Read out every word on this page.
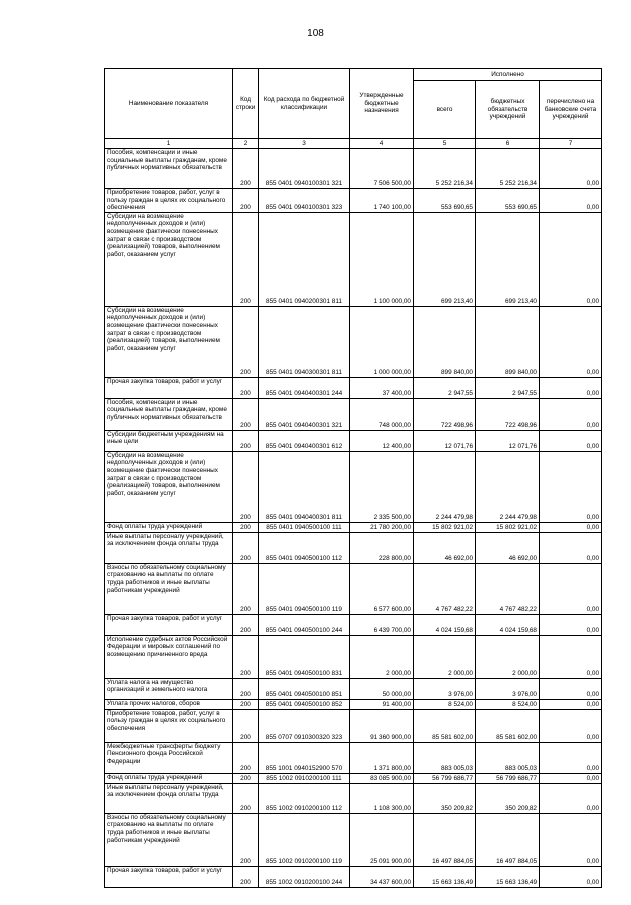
108
Наименование показателя	Код строки	Код расхода по бюджетной классификации	Утвержденные бюджетные назначения	Исполнено		
				всего	бюджетных обязательств учреждений	перечислено на банковские счета учреждений
1	2	3	4	5	6	7
Пособия, компенсации и иные социальные выплаты гражданам, кроме публичных нормативных обязательств	200	855 0401 0940100301 321	7 506 500,00	5 252 216,34	5 252 216,34	0,00
Приобретение товаров, работ, услуг в пользу граждан в целях их социального обеспечения	200	855 0401 0940100301 323	1 740 100,00	553 690,65	553 690,65	0,00
Субсидии на возмещение недополученных доходов и (или) возмещение фактически понесенных затрат в связи с производством (реализацией) товаров, выполнением работ, оказанием услуг	200	855 0401 0940200301 811	1 100 000,00	699 213,40	699 213,40	0,00
Субсидии на возмещение недополученных доходов и (или) возмещение фактически понесенных затрат в связи с производством (реализацией) товаров, выполнением работ, оказанием услуг	200	855 0401 0940300301 811	1 000 000,00	899 840,00	899 840,00	0,00
Прочая закупка товаров, работ и услуг	200	855 0401 0940400301 244	37 400,00	2 947,55	2 947,55	0,00
Пособия, компенсации и иные социальные выплаты гражданам, кроме публичных нормативных обязательств	200	855 0401 0940400301 321	748 000,00	722 498,96	722 498,96	0,00
Субсидии бюджетным учреждениям на иные цели	200	855 0401 0940400301 612	12 400,00	12 071,76	12 071,76	0,00
Субсидии на возмещение недополученных доходов и (или) возмещение фактически понесенных затрат в связи с производством (реализацией) товаров, выполнением работ, оказанием услуг	200	855 0401 0940400301 811	2 335 500,00	2 244 479,98	2 244 479,98	0,00
Фонд оплаты труда учреждений	200	855 0401 0940500100 111	21 780 200,00	15 802 921,02	15 802 921,02	0,00
Иные выплаты персоналу учреждений, за исключением фонда оплаты труда	200	855 0401 0940500100 112	228 800,00	46 692,00	46 692,00	0,00
Взносы по обязательному социальному страхованию на выплаты по оплате труда работников и иные выплаты работникам учреждений	200	855 0401 0940500100 119	6 577 600,00	4 767 482,22	4 767 482,22	0,00
Прочая закупка товаров, работ и услуг	200	855 0401 0940500100 244	6 439 700,00	4 024 159,68	4 024 159,68	0,00
Исполнение судебных актов Российской Федерации и мировых соглашений по возмещению причиненного вреда	200	855 0401 0940500100 831	2 000,00	2 000,00	2 000,00	0,00
Уплата налога на имущество организаций и земельного налога	200	855 0401 0940500100 851	50 000,00	3 976,00	3 976,00	0,00
Уплата прочих налогов, сборов	200	855 0401 0940500100 852	91 400,00	8 524,00	8 524,00	0,00
Приобретение товаров, работ, услуг в пользу граждан в целях их социального обеспечения	200	855 0707 0910300320 323	91 360 900,00	85 581 602,00	85 581 602,00	0,00
Межбюджетные трансферты бюджету Пенсионного фонда Российской Федерации	200	855 1001 0940152900 570	1 371 800,00	883 005,03	883 005,03	0,00
Фонд оплаты труда учреждений	200	855 1002 0910200100 111	83 085 900,00	56 799 686,77	56 799 686,77	0,00
Иные выплаты персоналу учреждений, за исключением фонда оплаты труда	200	855 1002 0910200100 112	1 108 300,00	350 209,82	350 209,82	0,00
Взносы по обязательному социальному страхованию на выплаты по оплате труда работников и иные выплаты работникам учреждений	200	855 1002 0910200100 119	25 091 900,00	16 497 884,05	16 497 884,05	0,00
Прочая закупка товаров, работ и услуг	200	855 1002 0910200100 244	34 437 600,00	15 663 136,49	15 663 136,49	0,00
